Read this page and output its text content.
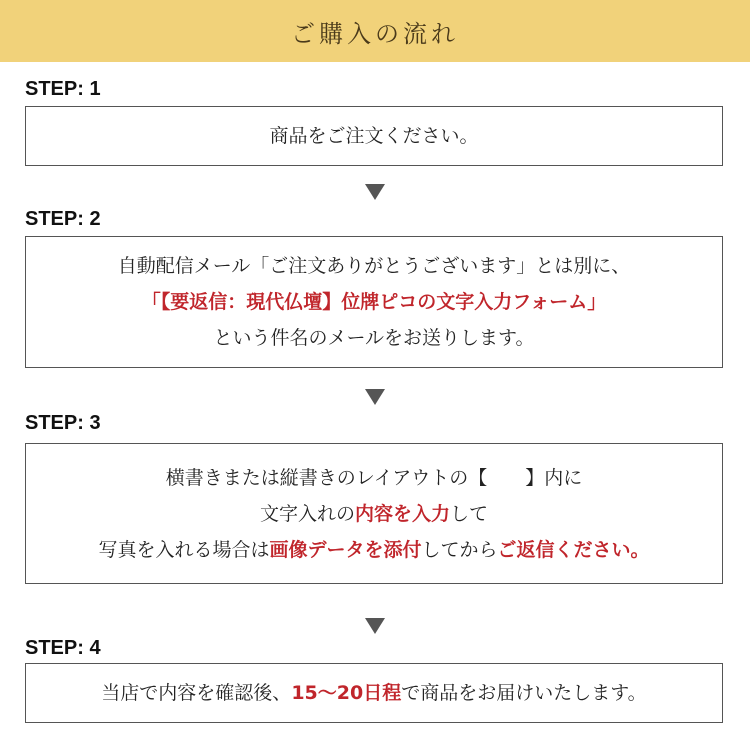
ご購入の流れ
STEP: 1
商品をご注文ください。
STEP: 2
自動配信メール「ご注文ありがとうございます」とは別に、
「【要返信：現代仏壇】位牌ピコの文字入力フォーム」
という件名のメールをお送りします。
STEP: 3
横書きまたは縦書きのレイアウトの【　　】内に
文字入れの内容を入力して
写真を入れる場合は画像データを添付してからご返信ください。
STEP: 4
当店で内容を確認後、15〜20日程で商品をお届けいたします。
